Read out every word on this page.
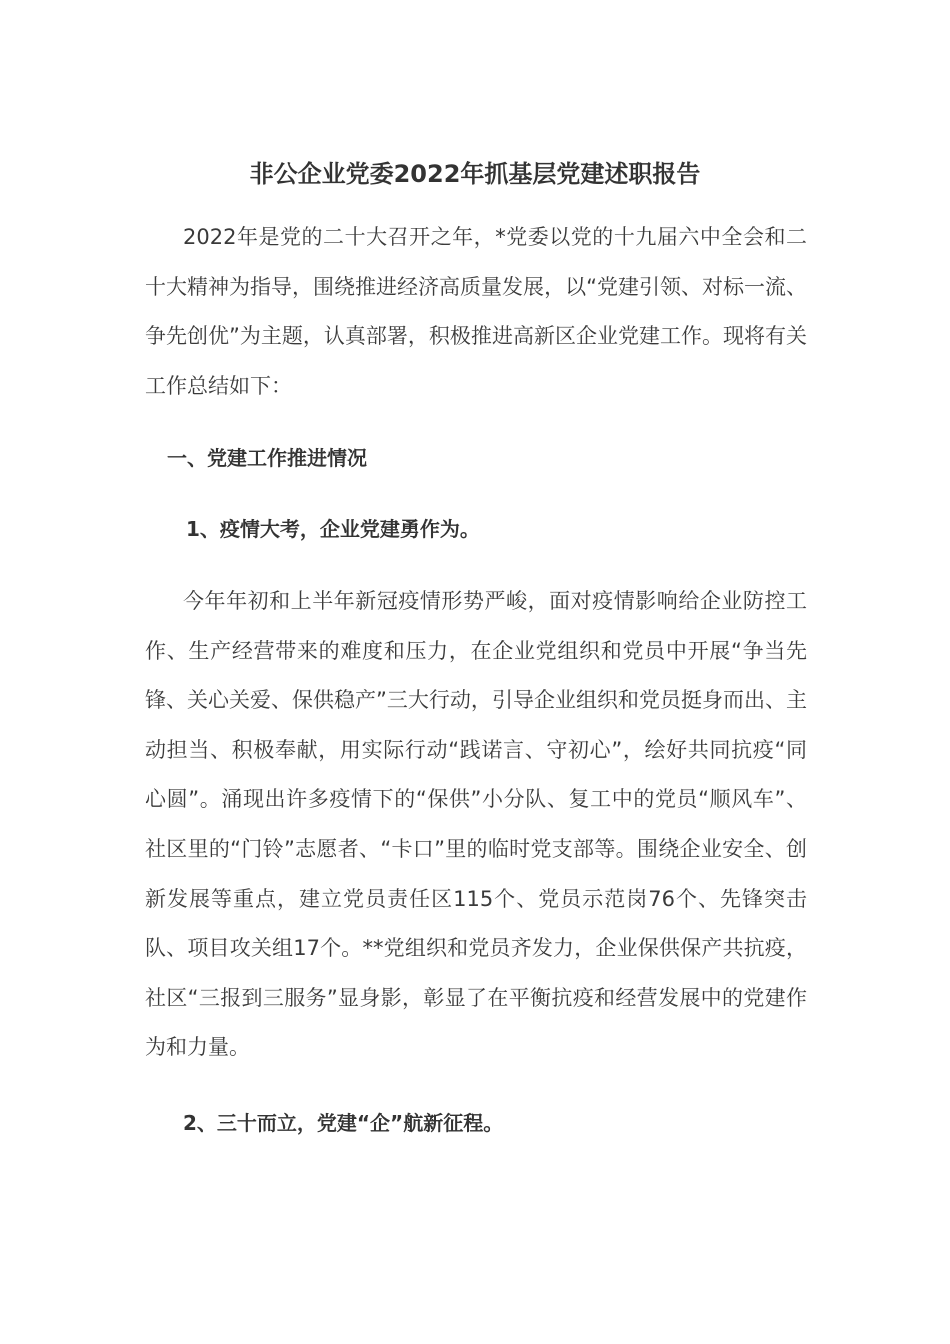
非公企业党委2022年抓基层党建述职报告

2022年是党的二十大召开之年，*党委以党的十九届六中全会和二十大精神为指导，围绕推进经济高质量发展，以“党建引领、对标一流、争先创优”为主题，认真部署，积极推进高新区企业党建工作。现将有关工作总结如下：

一、党建工作推进情况

1、疫情大考，企业党建勇作为。

今年年初和上半年新冠疫情形势严峻，面对疫情影响给企业防控工作、生产经营带来的难度和压力，在企业党组织和党员中开展“争当先锋、关心关爱、保供稳产”三大行动，引导企业组织和党员挺身而出、主动担当、积极奉献，用实际行动“践诺言、守初心”，绘好共同抗疫“同心圆”。涌现出许多疫情下的“保供”小分队、复工中的党员“顺风车”、社区里的“门铃”志愿者、“卡口”里的临时党支部等。围绕企业安全、创新发展等重点，建立党员责任区115个、党员示范岗76个、先锋突击队、项目攻关组17个。**党组织和党员齐发力，企业保供保产共抗疫，社区“三报到三服务”显身影，彰显了在平衡抗疫和经营发展中的党建作为和力量。

2、三十而立，党建“企”航新征程。
